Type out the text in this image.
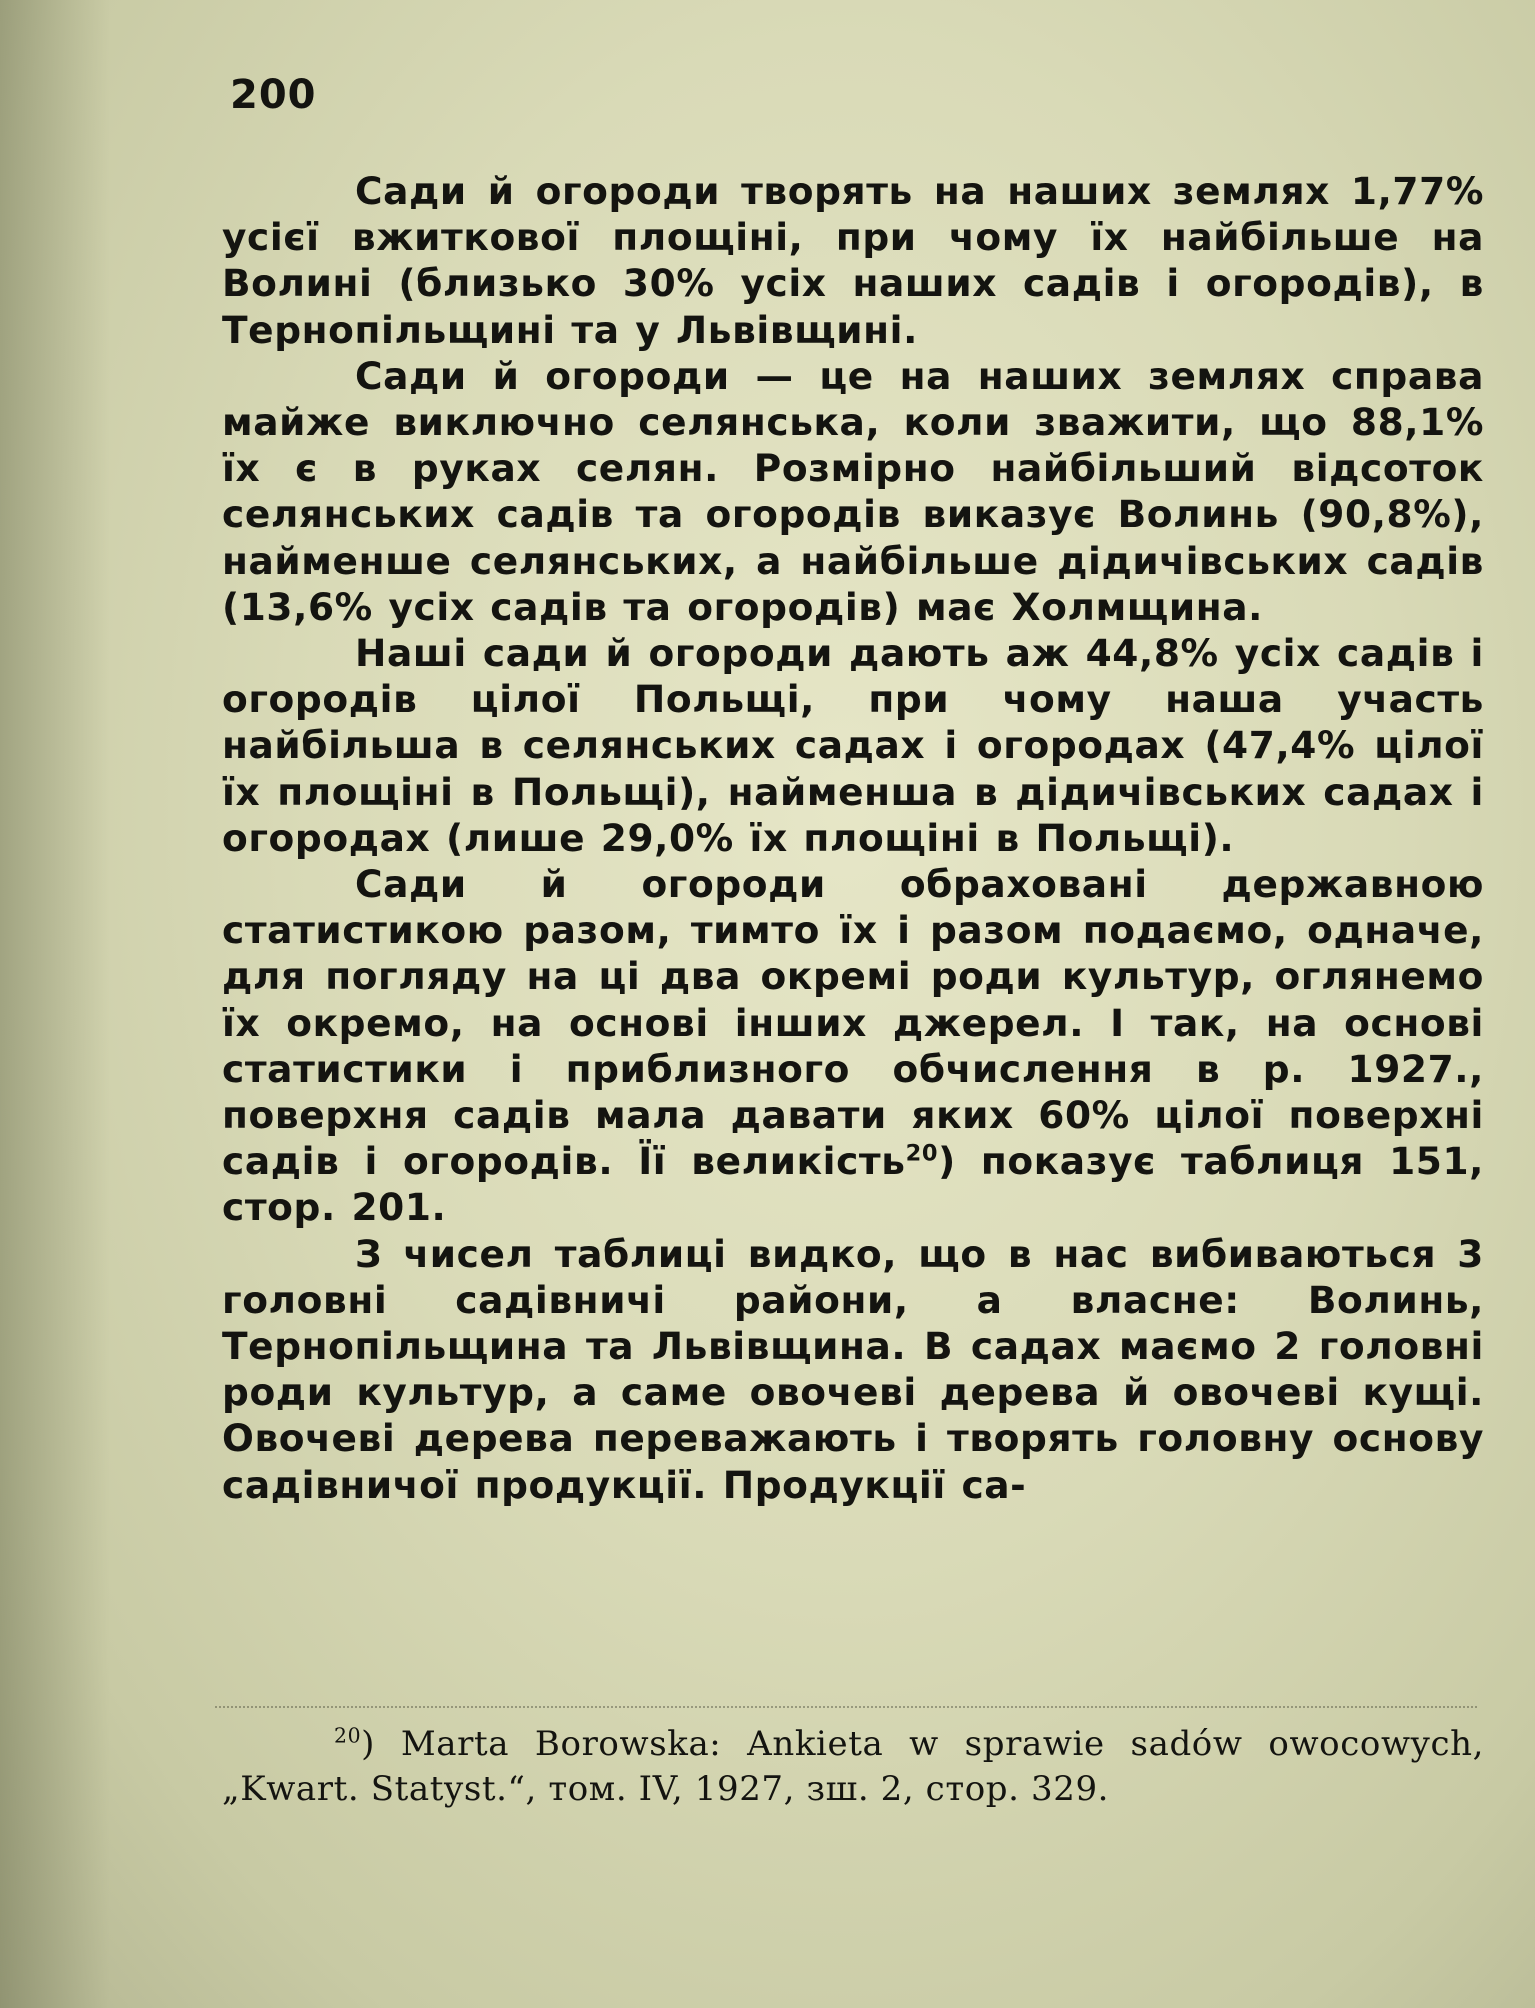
200

Сади й огороди творять на наших землях 1,77% усієї вжиткової площіні, при чому їх найбільше на Волині (близько 30% усіх наших садів і огородів), в Тернопільщині та у Львівщині.

Сади й огороди — це на наших землях справа майже виключно селянська, коли зважити, що 88,1% їх є в руках селян. Розмірно найбільший відсоток селянських садів та огородів виказує Волинь (90,8%), найменше селянських, а найбільше дідичівських садів (13,6% усіх садів та огородів) має Холмщина.

Наші сади й огороди дають аж 44,8% усіх садів і огородів цілої Польщі, при чому наша участь найбільша в селянських садах і огородах (47,4% цілої їх площіні в Польщі), найменша в дідичівських садах і огородах (лише 29,0% їх площіні в Польщі).

Сади й огороди обраховані державною статистикою разом, тимто їх і разом подаємо, одначе, для погляду на ці два окремі роди культур, оглянемо їх окремо, на основі інших джерел. І так, на основі статистики і приблизного обчислення в р. 1927., поверхня садів мала давати яких 60% цілої поверхні садів і огородів. Її великість$^{20}$) показує таблиця 151, стор. 201.

З чисел таблиці видко, що в нас вибиваються 3 головні садівничі райони, а власне: Волинь, Тернопільщина та Львівщина. В садах маємо 2 головні роди культур, а саме овочеві дерева й овочеві кущі. Овочеві дерева переважають і творять головну основу садівничої продукції. Продукції са-

$^{20}$) Marta Borowska: Ankieta w sprawie sadów owocowych, „Kwart. Statyst.“, том. IV, 1927, зш. 2, стор. 329.
